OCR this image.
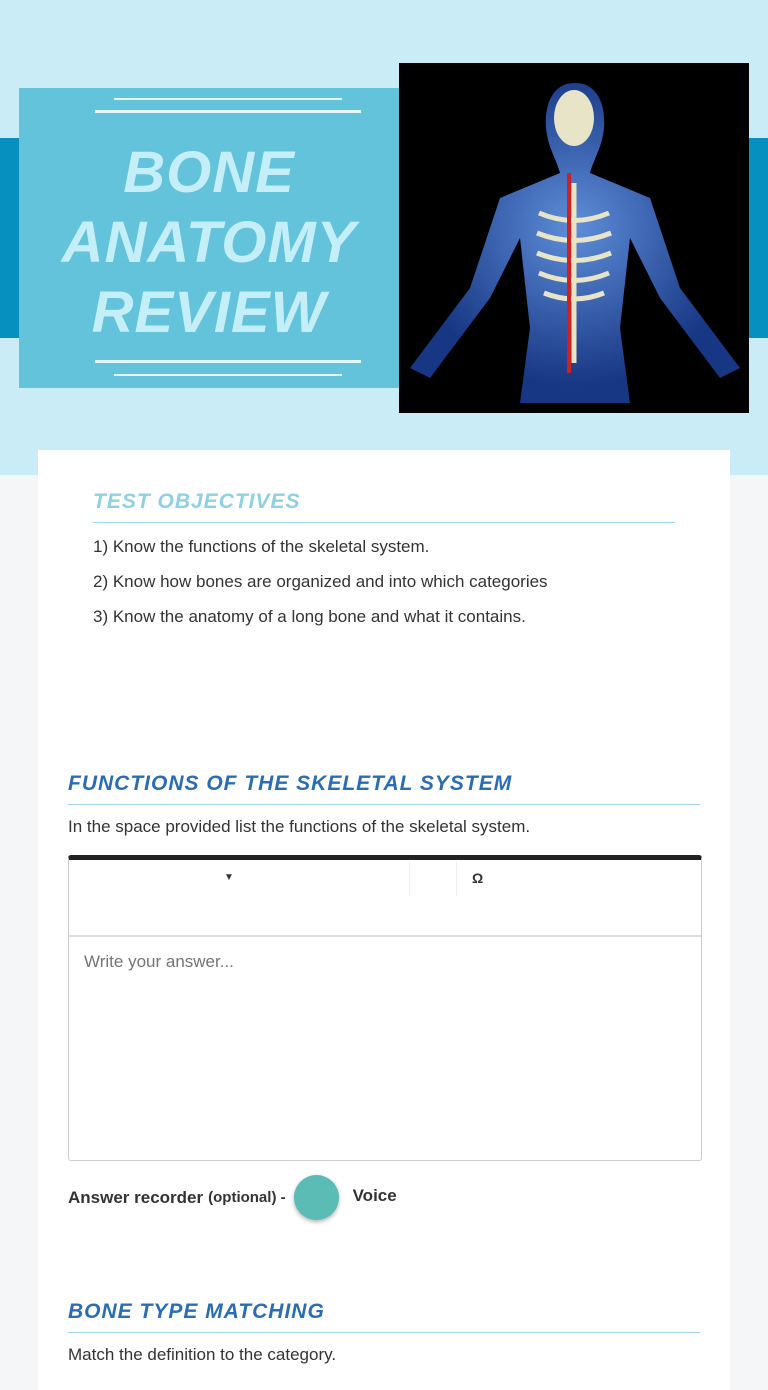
BONE
ANATOMY
REVIEW
TEST OBJECTIVES
1) Know the functions of the skeletal system.
2) Know how bones are organized and into which categories
3) Know the anatomy of a long bone and what it contains.
FUNCTIONS OF THE SKELETAL SYSTEM
In the space provided list the functions of the skeletal system.
▼	Ω
Write your answer...
Answer recorder (optional) -	Voice
BONE TYPE MATCHING
Match the definition to the category.
